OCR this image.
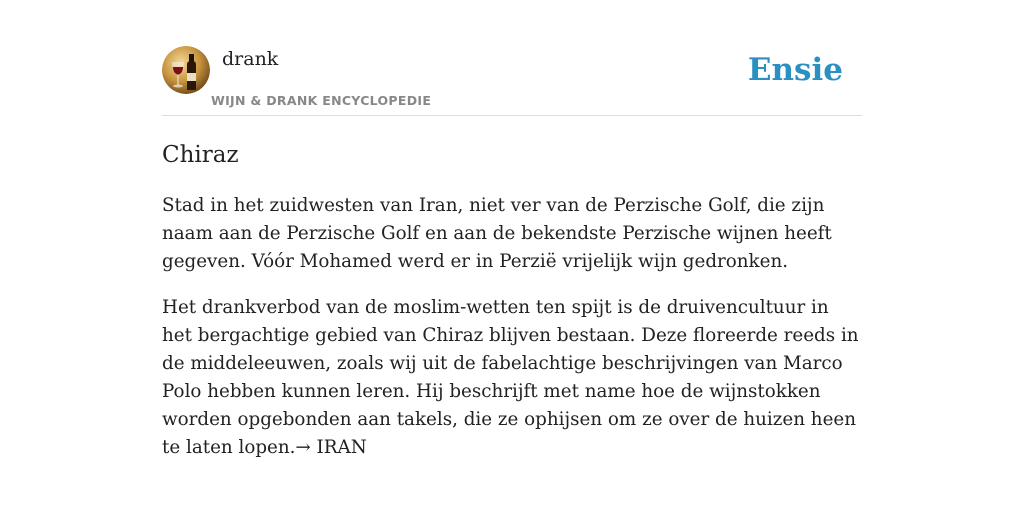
drank
WIJN & DRANK ENCYCLOPEDIE
Ensie
Chiraz

Stad in het zuidwesten van Iran, niet ver van de Perzische Golf, die zijn naam aan de Perzische Golf en aan de bekendste Perzische wijnen heeft gegeven. Vóór Mohamed werd er in Perzië vrijelijk wijn gedronken.

Het drankverbod van de moslim-wetten ten spijt is de druivencultuur in het bergachtige gebied van Chiraz blijven bestaan. Deze floreerde reeds in de middeleeuwen, zoals wij uit de fabelachtige beschrijvingen van Marco Polo hebben kunnen leren. Hij beschrijft met name hoe de wijnstokken worden opgebonden aan takels, die ze ophijsen om ze over de huizen heen te laten lopen.→ IRAN
